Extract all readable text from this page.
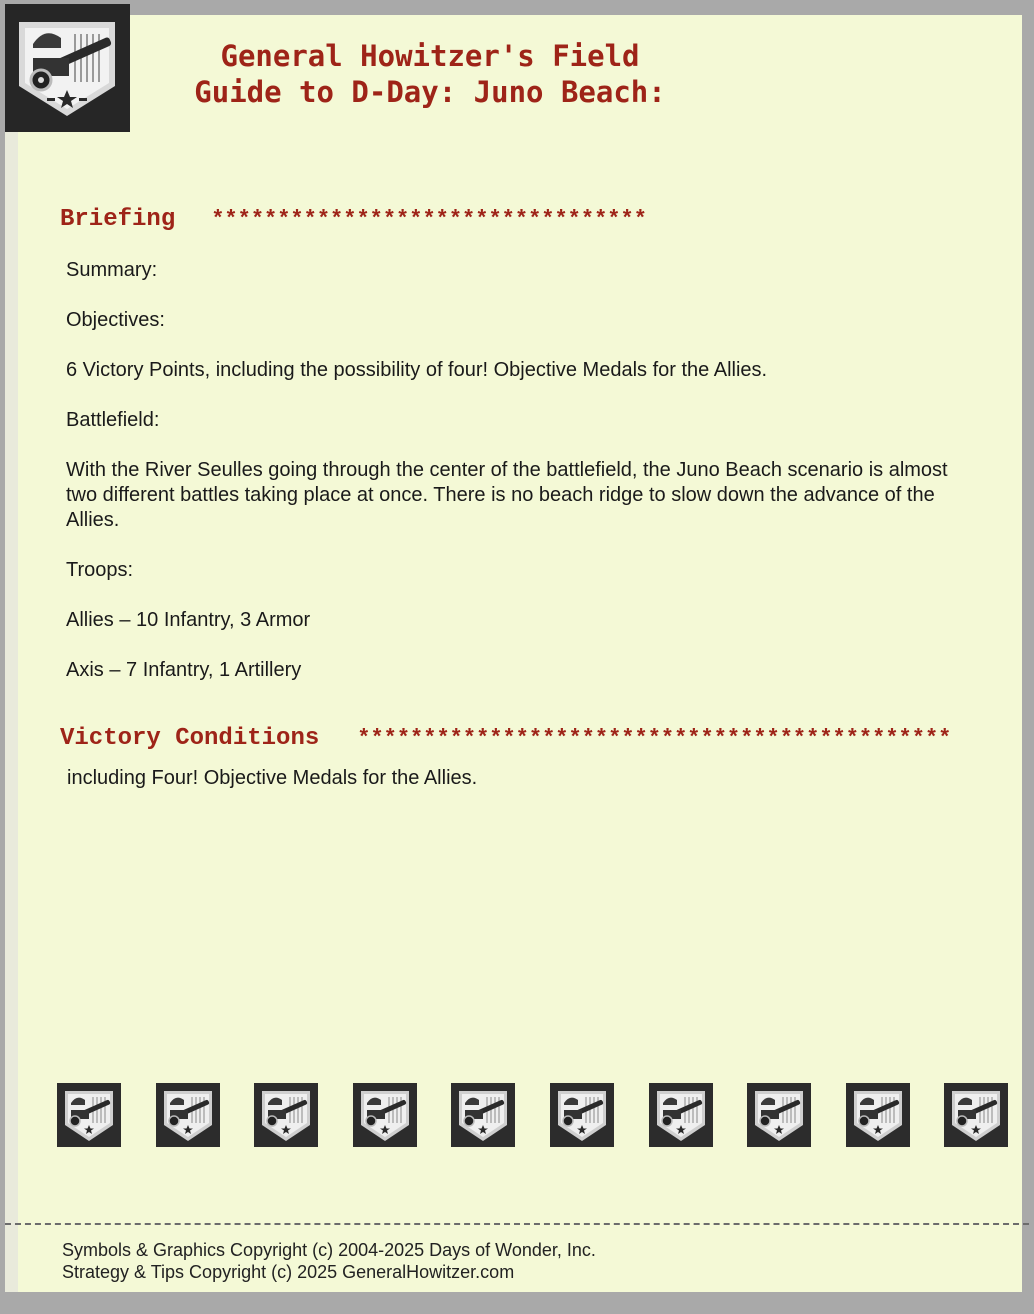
General Howitzer's Field
Guide to D-Day: Juno Beach:
Briefing *********************************
Summary:
Objectives:
6 Victory Points, including the possibility of four! Objective Medals for the Allies.
Battlefield:
With the River Seulles going through the center of the battlefield, the Juno Beach scenario is almost two different battles taking place at once. There is no beach ridge to slow down the advance of the Allies.
Troops:
Allies – 10 Infantry, 3 Armor
Axis – 7 Infantry, 1 Artillery
Victory Conditions *********************************************
including Four! Objective Medals for the Allies.
Symbols & Graphics Copyright (c) 2004-2025 Days of Wonder, Inc.
Strategy & Tips Copyright (c) 2025 GeneralHowitzer.com
